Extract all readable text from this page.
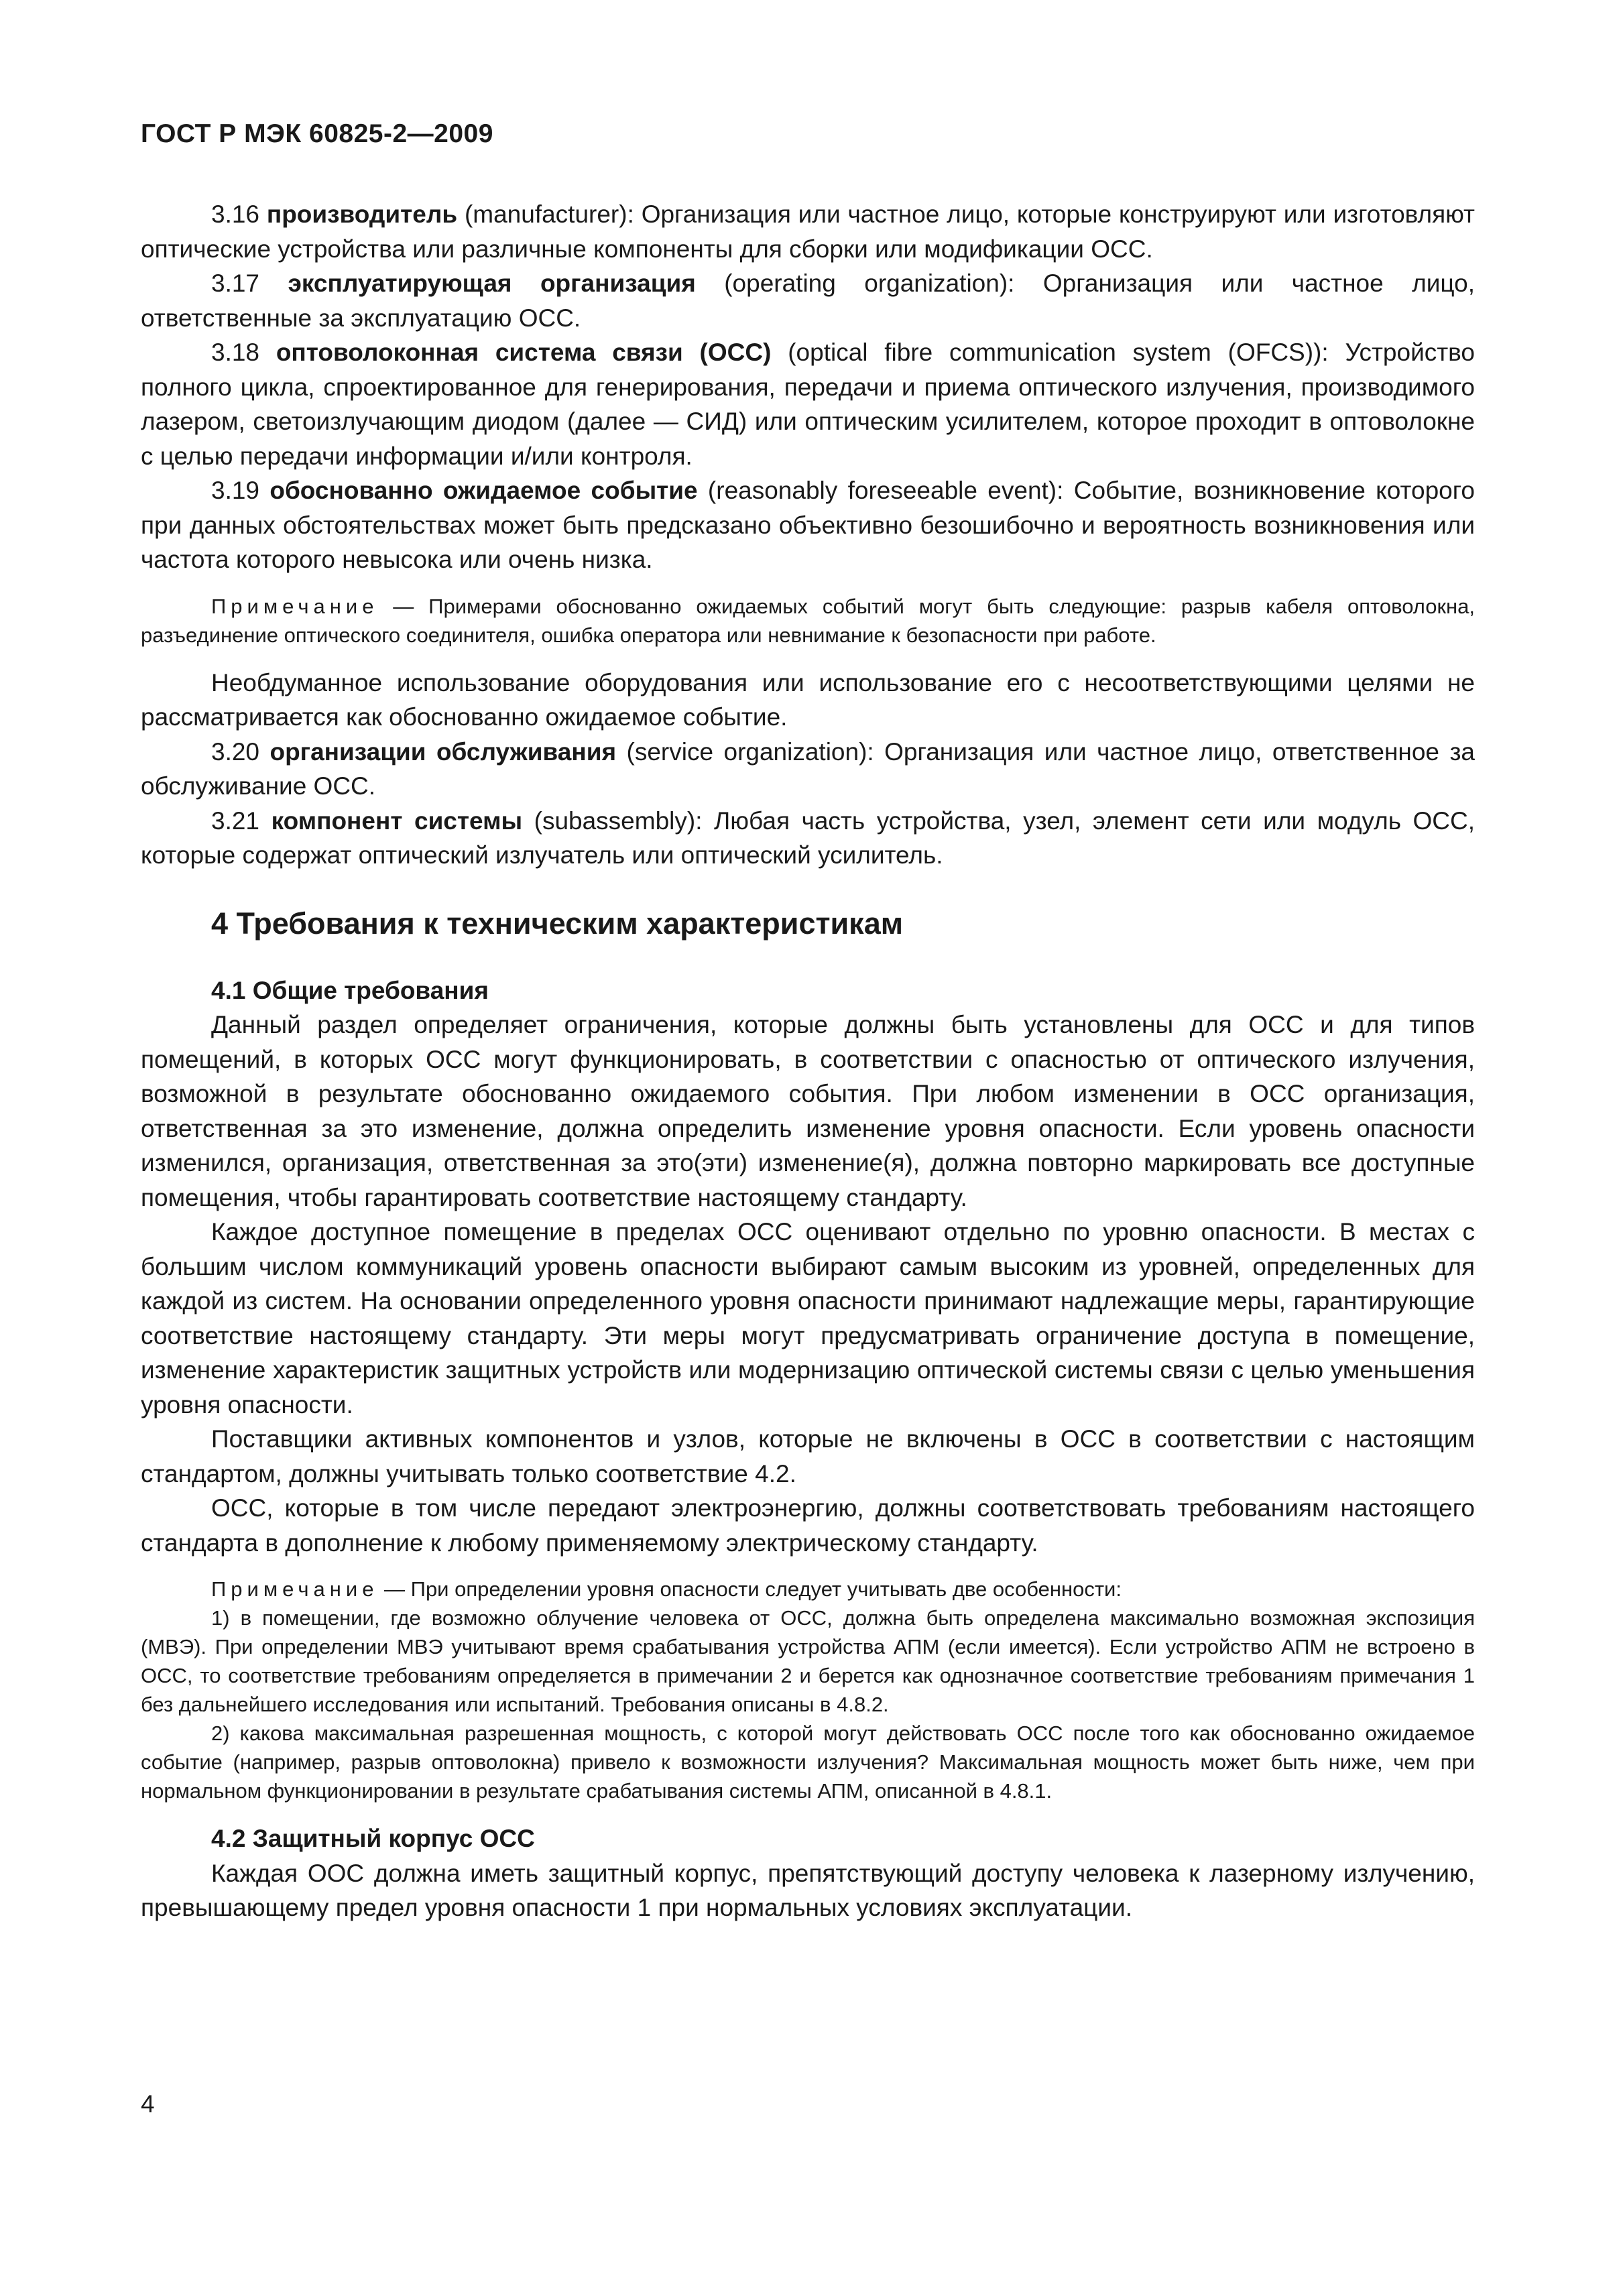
ГОСТ Р МЭК 60825-2—2009

3.16 производитель (manufacturer): Организация или частное лицо, которые конструируют или изготовляют оптические устройства или различные компоненты для сборки или модификации ОСС.

3.17 эксплуатирующая организация (operating organization): Организация или частное лицо, ответственные за эксплуатацию ОСС.

3.18 оптоволоконная система связи (ОСС) (optical fibre communication system (OFCS)): Устройство полного цикла, спроектированное для генерирования, передачи и приема оптического излучения, производимого лазером, светоизлучающим диодом (далее — СИД) или оптическим усилителем, которое проходит в оптоволокне с целью передачи информации и/или контроля.

3.19 обоснованно ожидаемое событие (reasonably foreseeable event): Событие, возникновение которого при данных обстоятельствах может быть предсказано объективно безошибочно и вероятность возникновения или частота которого невысока или очень низка.

Примечание — Примерами обоснованно ожидаемых событий могут быть следующие: разрыв кабеля оптоволокна, разъединение оптического соединителя, ошибка оператора или невнимание к безопасности при работе.

Необдуманное использование оборудования или использование его с несоответствующими целями не рассматривается как обоснованно ожидаемое событие.

3.20 организации обслуживания (service organization): Организация или частное лицо, ответственное за обслуживание ОСС.

3.21 компонент системы (subassembly): Любая часть устройства, узел, элемент сети или модуль ОСС, которые содержат оптический излучатель или оптический усилитель.

4 Требования к техническим характеристикам
4.1 Общие требования

Данный раздел определяет ограничения, которые должны быть установлены для ОСС и для типов помещений, в которых ОСС могут функционировать, в соответствии с опасностью от оптического излучения, возможной в результате обоснованно ожидаемого события. При любом изменении в ОСС организация, ответственная за это изменение, должна определить изменение уровня опасности. Если уровень опасности изменился, организация, ответственная за это(эти) изменение(я), должна повторно маркировать все доступные помещения, чтобы гарантировать соответствие настоящему стандарту.

Каждое доступное помещение в пределах ОСС оценивают отдельно по уровню опасности. В местах с большим числом коммуникаций уровень опасности выбирают самым высоким из уровней, определенных для каждой из систем. На основании определенного уровня опасности принимают надлежащие меры, гарантирующие соответствие настоящему стандарту. Эти меры могут предусматривать ограничение доступа в помещение, изменение характеристик защитных устройств или модернизацию оптической системы связи с целью уменьшения уровня опасности.

Поставщики активных компонентов и узлов, которые не включены в ОСС в соответствии с настоящим стандартом, должны учитывать только соответствие 4.2.

ОСС, которые в том числе передают электроэнергию, должны соответствовать требованиям настоящего стандарта в дополнение к любому применяемому электрическому стандарту.

Примечание — При определении уровня опасности следует учитывать две особенности:

1) в помещении, где возможно облучение человека от ОСС, должна быть определена максимально возможная экспозиция (МВЭ). При определении МВЭ учитывают время срабатывания устройства АПМ (если имеется). Если устройство АПМ не встроено в ОСС, то соответствие требованиям определяется в примечании 2 и берется как однозначное соответствие требованиям примечания 1 без дальнейшего исследования или испытаний. Требования описаны в 4.8.2.

2) какова максимальная разрешенная мощность, с которой могут действовать ОСС после того как обоснованно ожидаемое событие (например, разрыв оптоволокна) привело к возможности излучения? Максимальная мощность может быть ниже, чем при нормальном функционировании в результате срабатывания системы АПМ, описанной в 4.8.1.

4.2 Защитный корпус ОСС

Каждая ООС должна иметь защитный корпус, препятствующий доступу человека к лазерному излучению, превышающему предел уровня опасности 1 при нормальных условиях эксплуатации.

4
